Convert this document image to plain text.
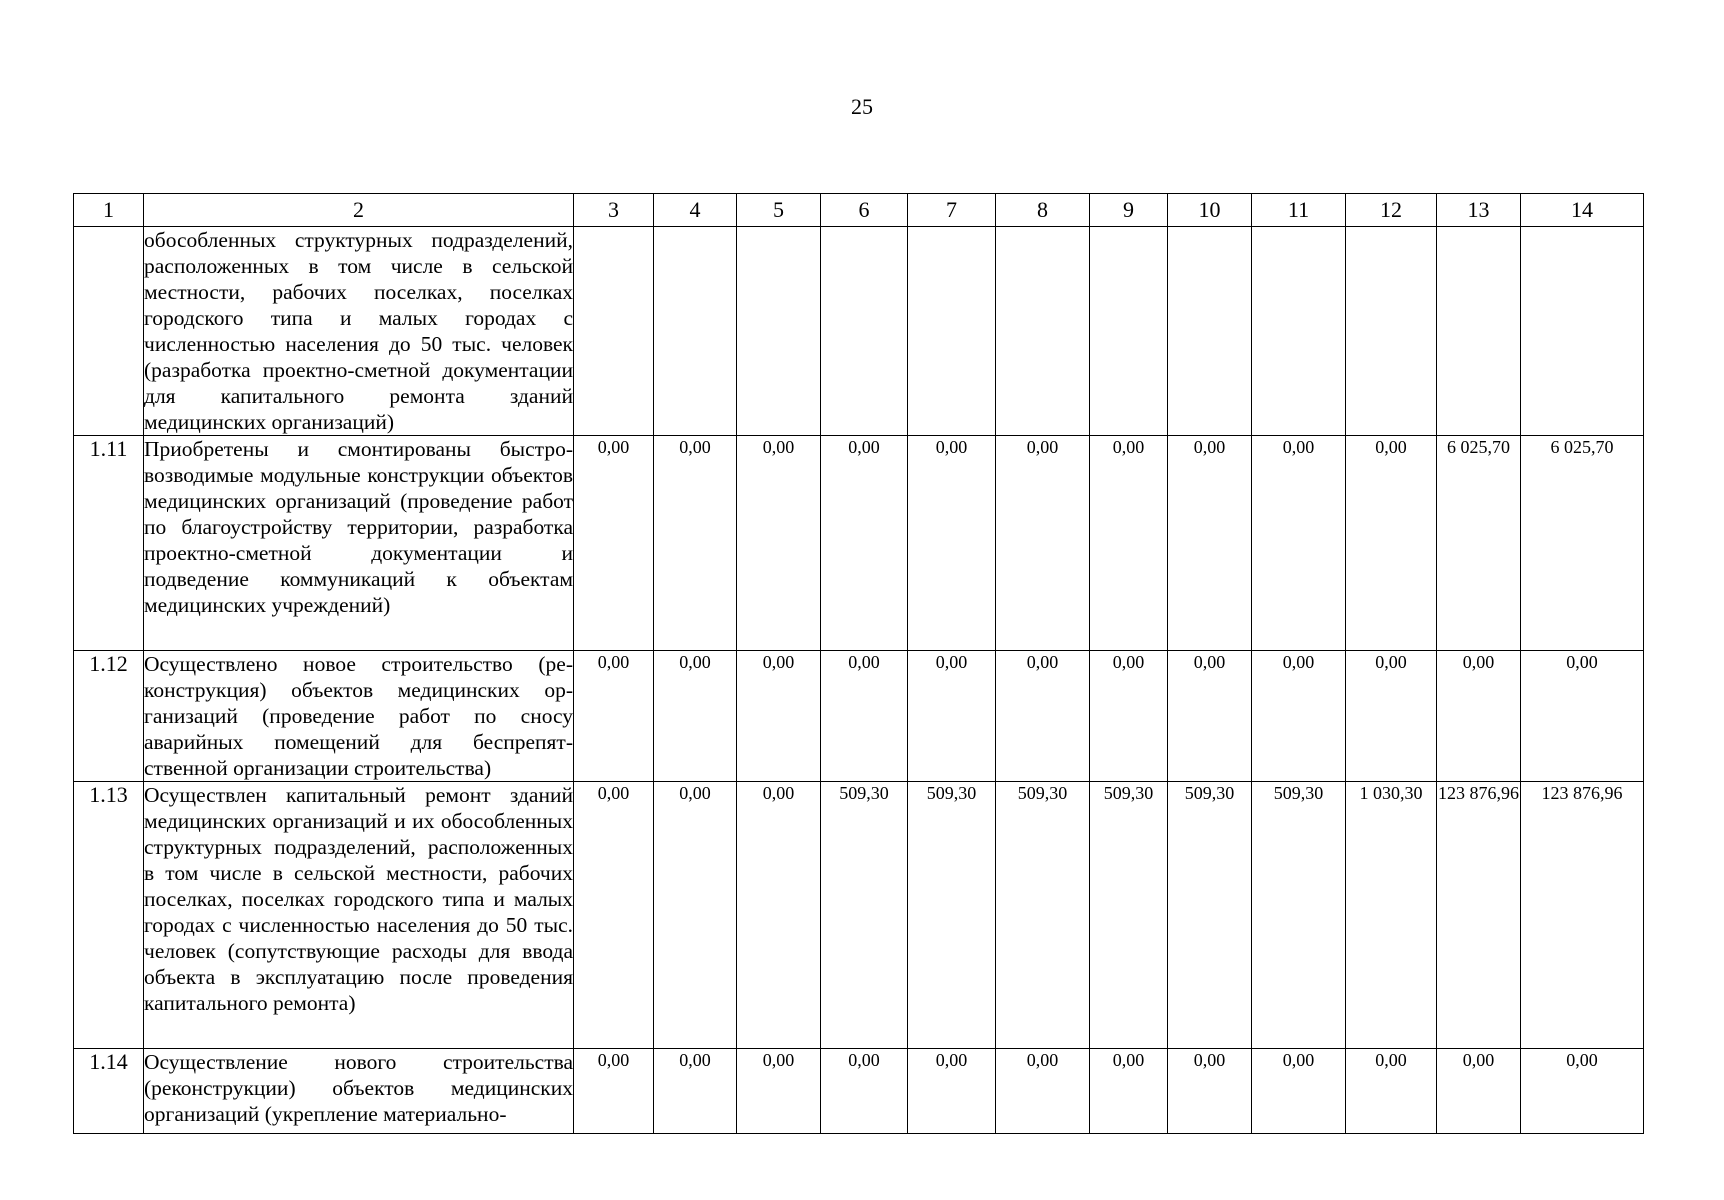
25
1	2	3	4	5	6	7	8	9	10	11	12	13	14
	обособленных структурных подразделений, расположенных в том числе в сельской местности, рабочих поселках, поселках городского типа и малых городах с численностью населения до 50 тыс. человек (разработка проектно-сметной документации для капитального ремонта зданий медицинских организаций)												
1.11	Приобретены и смонтированы быстровозводимые модульные конструкции объектов медицинских организаций (проведение работ по благоустройству территории, разработка проектно-сметной документации и подведение коммуникаций к объектам медицинских учреждений)	0,00	0,00	0,00	0,00	0,00	0,00	0,00	0,00	0,00	0,00	6 025,70	6 025,70
1.12	Осуществлено новое строительство (реконструкция) объектов медицинских организаций (проведение работ по сносу аварийных помещений для беспрепятственной организации строительства)	0,00	0,00	0,00	0,00	0,00	0,00	0,00	0,00	0,00	0,00	0,00	0,00
1.13	Осуществлен капитальный ремонт зданий медицинских организаций и их обособленных структурных подразделений, расположенных в том числе в сельской местности, рабочих поселках, поселках городского типа и малых городах с численностью населения до 50 тыс. человек (сопутствующие расходы для ввода объекта в эксплуатацию после проведения капитального ремонта)	0,00	0,00	0,00	509,30	509,30	509,30	509,30	509,30	509,30	1 030,30	123 876,96	123 876,96
1.14	Осуществление нового строительства (реконструкции) объектов медицинских организаций (укрепление материально-	0,00	0,00	0,00	0,00	0,00	0,00	0,00	0,00	0,00	0,00	0,00	0,00
